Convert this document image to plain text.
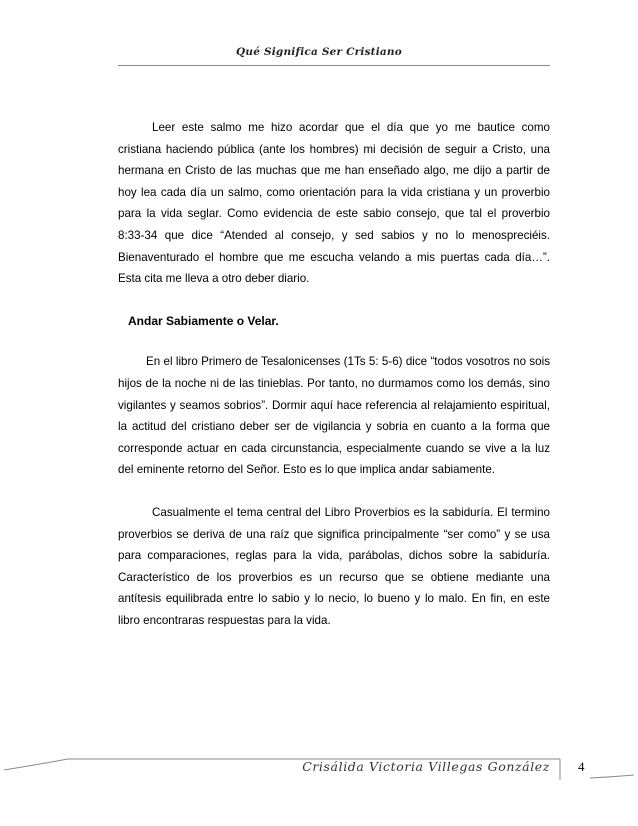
Qué Significa Ser Cristiano

Leer este salmo me hizo acordar que el día que yo me bautice como cristiana haciendo pública (ante los hombres) mi decisión de seguir a Cristo, una hermana en Cristo de las muchas que me han enseñado algo, me dijo a partir de hoy lea cada día un salmo, como orientación para la vida cristiana y un proverbio para la vida seglar. Como evidencia de este sabio consejo, que tal el proverbio 8:33-34 que dice “Atended al consejo, y sed sabios y no lo menospreciéis. Bienaventurado el hombre que me escucha velando a mis puertas cada día…”. Esta cita me lleva a otro deber diario.

Andar Sabiamente o Velar.

En el libro Primero de Tesalonicenses (1Ts 5: 5-6) dice “todos vosotros no sois hijos de la noche ni de las tinieblas. Por tanto, no durmamos como los demás, sino vigilantes y seamos sobrios”. Dormir aquí hace referencia al relajamiento espiritual, la actitud del cristiano deber ser de vigilancia y sobria en cuanto a la forma que corresponde actuar en cada circunstancia, especialmente cuando se vive a la luz del eminente retorno del Señor. Esto es lo que implica andar sabiamente.

Casualmente el tema central del Libro Proverbios es la sabiduría. El termino proverbios se deriva de una raíz que significa principalmente “ser como” y se usa para comparaciones, reglas para la vida, parábolas, dichos sobre la sabiduría. Característico de los proverbios es un recurso que se obtiene mediante una antítesis equilibrada entre lo sabio y lo necio, lo bueno y lo malo. En fin, en este libro encontraras respuestas para la vida.

Crisálida Victoria Villegas González 4
